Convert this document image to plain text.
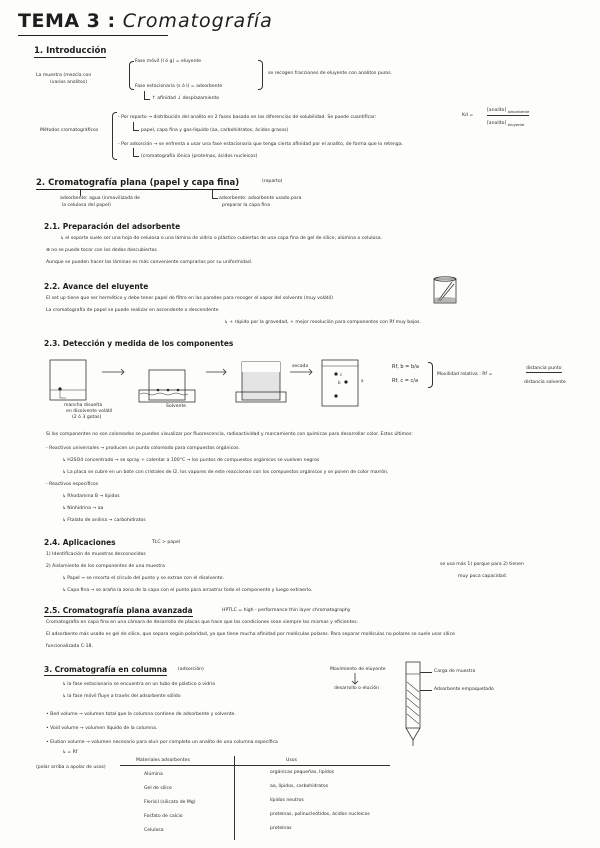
TEMA 3 : Cromatografía
1. Introducción
La muestra (mezcla con
(varios analitos)
Fase móvil (l ó g) = eluyente
Fase estacionaria (s ó l) = adsorbente
↑ afinidad ↓ desplazamiento
se recogen fracciones de eluyente con analitos puros.
Métodos cromatográficos
- Por reparto → distribución del analito en 2 fases basado en las diferencias de solubilidad. Se puede cuantificar:	Kd =
[analito] $_{adsorbente}$
[analito] $_{eluyente}$
papel, capa fina y gas-líquido (aa, carbohidratos, ácidos grasos)
- Por adsorción → se enfrenta a usar una fase estacionaria que tenga cierta afinidad por el analito, de forma que lo retenga.
(cromatografía iónica (proteínas, ácidos nucleicos)
2. Cromatografía plana (papel y capa fina)	(reparto)
adsorbente: agua (inmovilizada de
la celulosa del papel)
adsorbente: adsorbente usado para
preparar la capa fina
2.1. Preparación del adsorbente
↳ el soporte suele ser una hoja de celulosa o una lámina de vidrio o plástico cubiertas de una capa fina de gel de sílice, alúmina o celulosa.
⊛ no se puede tocar con los dedos descubiertos
Aunque se pueden hacer las láminas es más conveniente comprarlas por su uniformidad.
2.2. Avance del eluyente
El set up tiene que ser hermético y debe tener papel de filtro en las paredes para recoger el vapor del solvente (muy volátil)
La cromatografía de papel se puede realizar en ascendente o descendente
↳ + rápido por la gravedad, + mejor resolución para componentes con Rf muy bajos.
2.3. Detección y medida de los componentes
c
b	a
mancha disuelta
en disolvente volátil
(2 ó 3 gotas)
Solvente
secado	Rf, b = b/a
Rf, c = c/a
Movilidad relativa : Rf =
distancia punto
distancia solvente
Si los componentes no son coloreados se pueden visualizar por fluorescencia, radioactividad y marcamiento con químicas para desarrollar color. Estos últimos:
- Reactivos universales → producen un punto coloreado para compuestos orgánicos.
↳ H2SO4 concentrado → se spray + calentar a 100°C → los puntos de compuestos orgánicos se vuelven negros
↳ La placa se cubre en un bote con cristales de I2, los vapores de este reaccionan con los compuestos orgánicos y se ponen de color marrón.
- Reactivos específicos
↳ Rhodamina B → lípidos
↳ Ninhidrina → aa
↳ Ftalato de anilina → carbohidratos
2.4. Aplicaciones	TLC > papel
1) Identificación de muestras desconocidas
2) Aislamiento de los componentes de una muestra
↳ Papel → se recorta el círculo del punto y se extrae con el disolvente.
↳ Capa fina → se araña la zona de la capa con el punto para arrastrar todo el componente y luego extraerlo.
se usa más 1) porque para 2) tienen
muy poca capacidad.
2.5. Cromatografía plana avanzada	HPTLC = high - performance thin layer chromatography
Cromatografía en capa fina en una cámara de desarrollo de placas que hace que las condiciones sean siempre las mismas y eficientes.
El adsorbente más usado es gel de sílice, que separa según polaridad, ya que tiene mucha afinidad por moléculas polares. Para separar moléculas no polares se suele usar sílice
funcionalizada C-18.
3. Cromatografía en columna (adsorción)
↳ la fase estacionaria se encuentra en un tubo de plástico o vidrio
↳ la fase móvil fluye a través del adsorbente sólido
Movimiento de eluyente
desarrollo o elución
Carga de muestra
Adsorbente empaquetado
• Bed volume → volumen total que la columna contiene de adsorbente y solvente.
• Void volume → volumen líquido de la columna.
• Elution volume → volumen necesario para eluir por completo un analito de una columna específica
↳ = Rf
(polar arriba a apolar de usos)
Materiales adsorbentes	Usos
Alúmina	orgánicas pequeñas, lípidos
Gel de sílice	aa, lípidos, carbohidratos
Florisil (silicato de Mg)	lípidos neutros
Fosfato de calcio	proteínas, polinucleótidos, ácidos nucleicos
Celulosa	proteínas
